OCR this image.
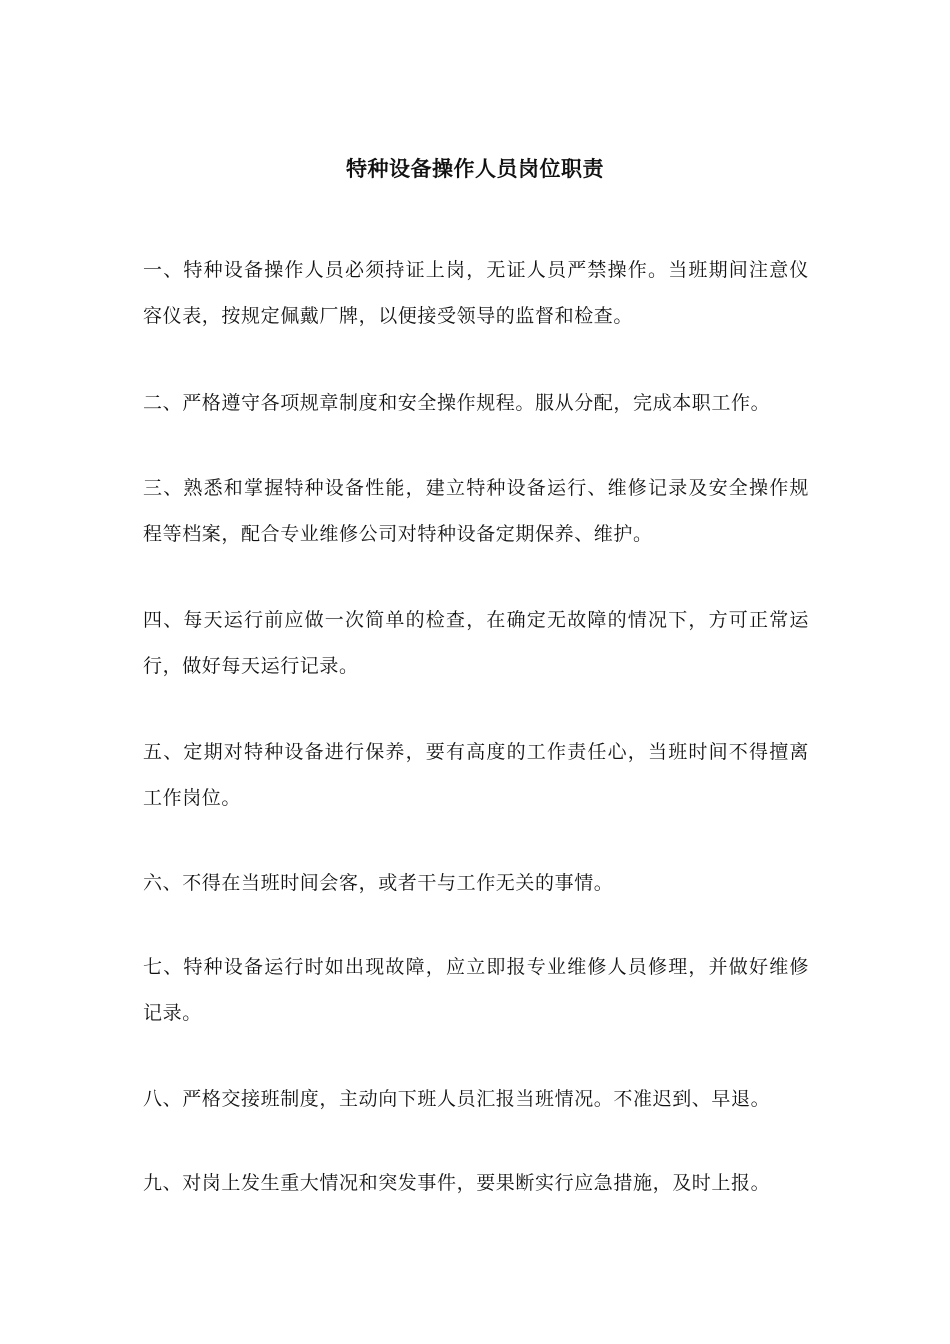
特种设备操作人员岗位职责

一、特种设备操作人员必须持证上岗，无证人员严禁操作。当班期间注意仪容仪表，按规定佩戴厂牌，以便接受领导的监督和检查。

二、严格遵守各项规章制度和安全操作规程。服从分配，完成本职工作。

三、熟悉和掌握特种设备性能，建立特种设备运行、维修记录及安全操作规程等档案，配合专业维修公司对特种设备定期保养、维护。

四、每天运行前应做一次简单的检查，在确定无故障的情况下，方可正常运行，做好每天运行记录。

五、定期对特种设备进行保养，要有高度的工作责任心，当班时间不得擅离工作岗位。

六、不得在当班时间会客，或者干与工作无关的事情。

七、特种设备运行时如出现故障，应立即报专业维修人员修理，并做好维修记录。

八、严格交接班制度，主动向下班人员汇报当班情况。不准迟到、早退。

九、对岗上发生重大情况和突发事件，要果断实行应急措施，及时上报。
